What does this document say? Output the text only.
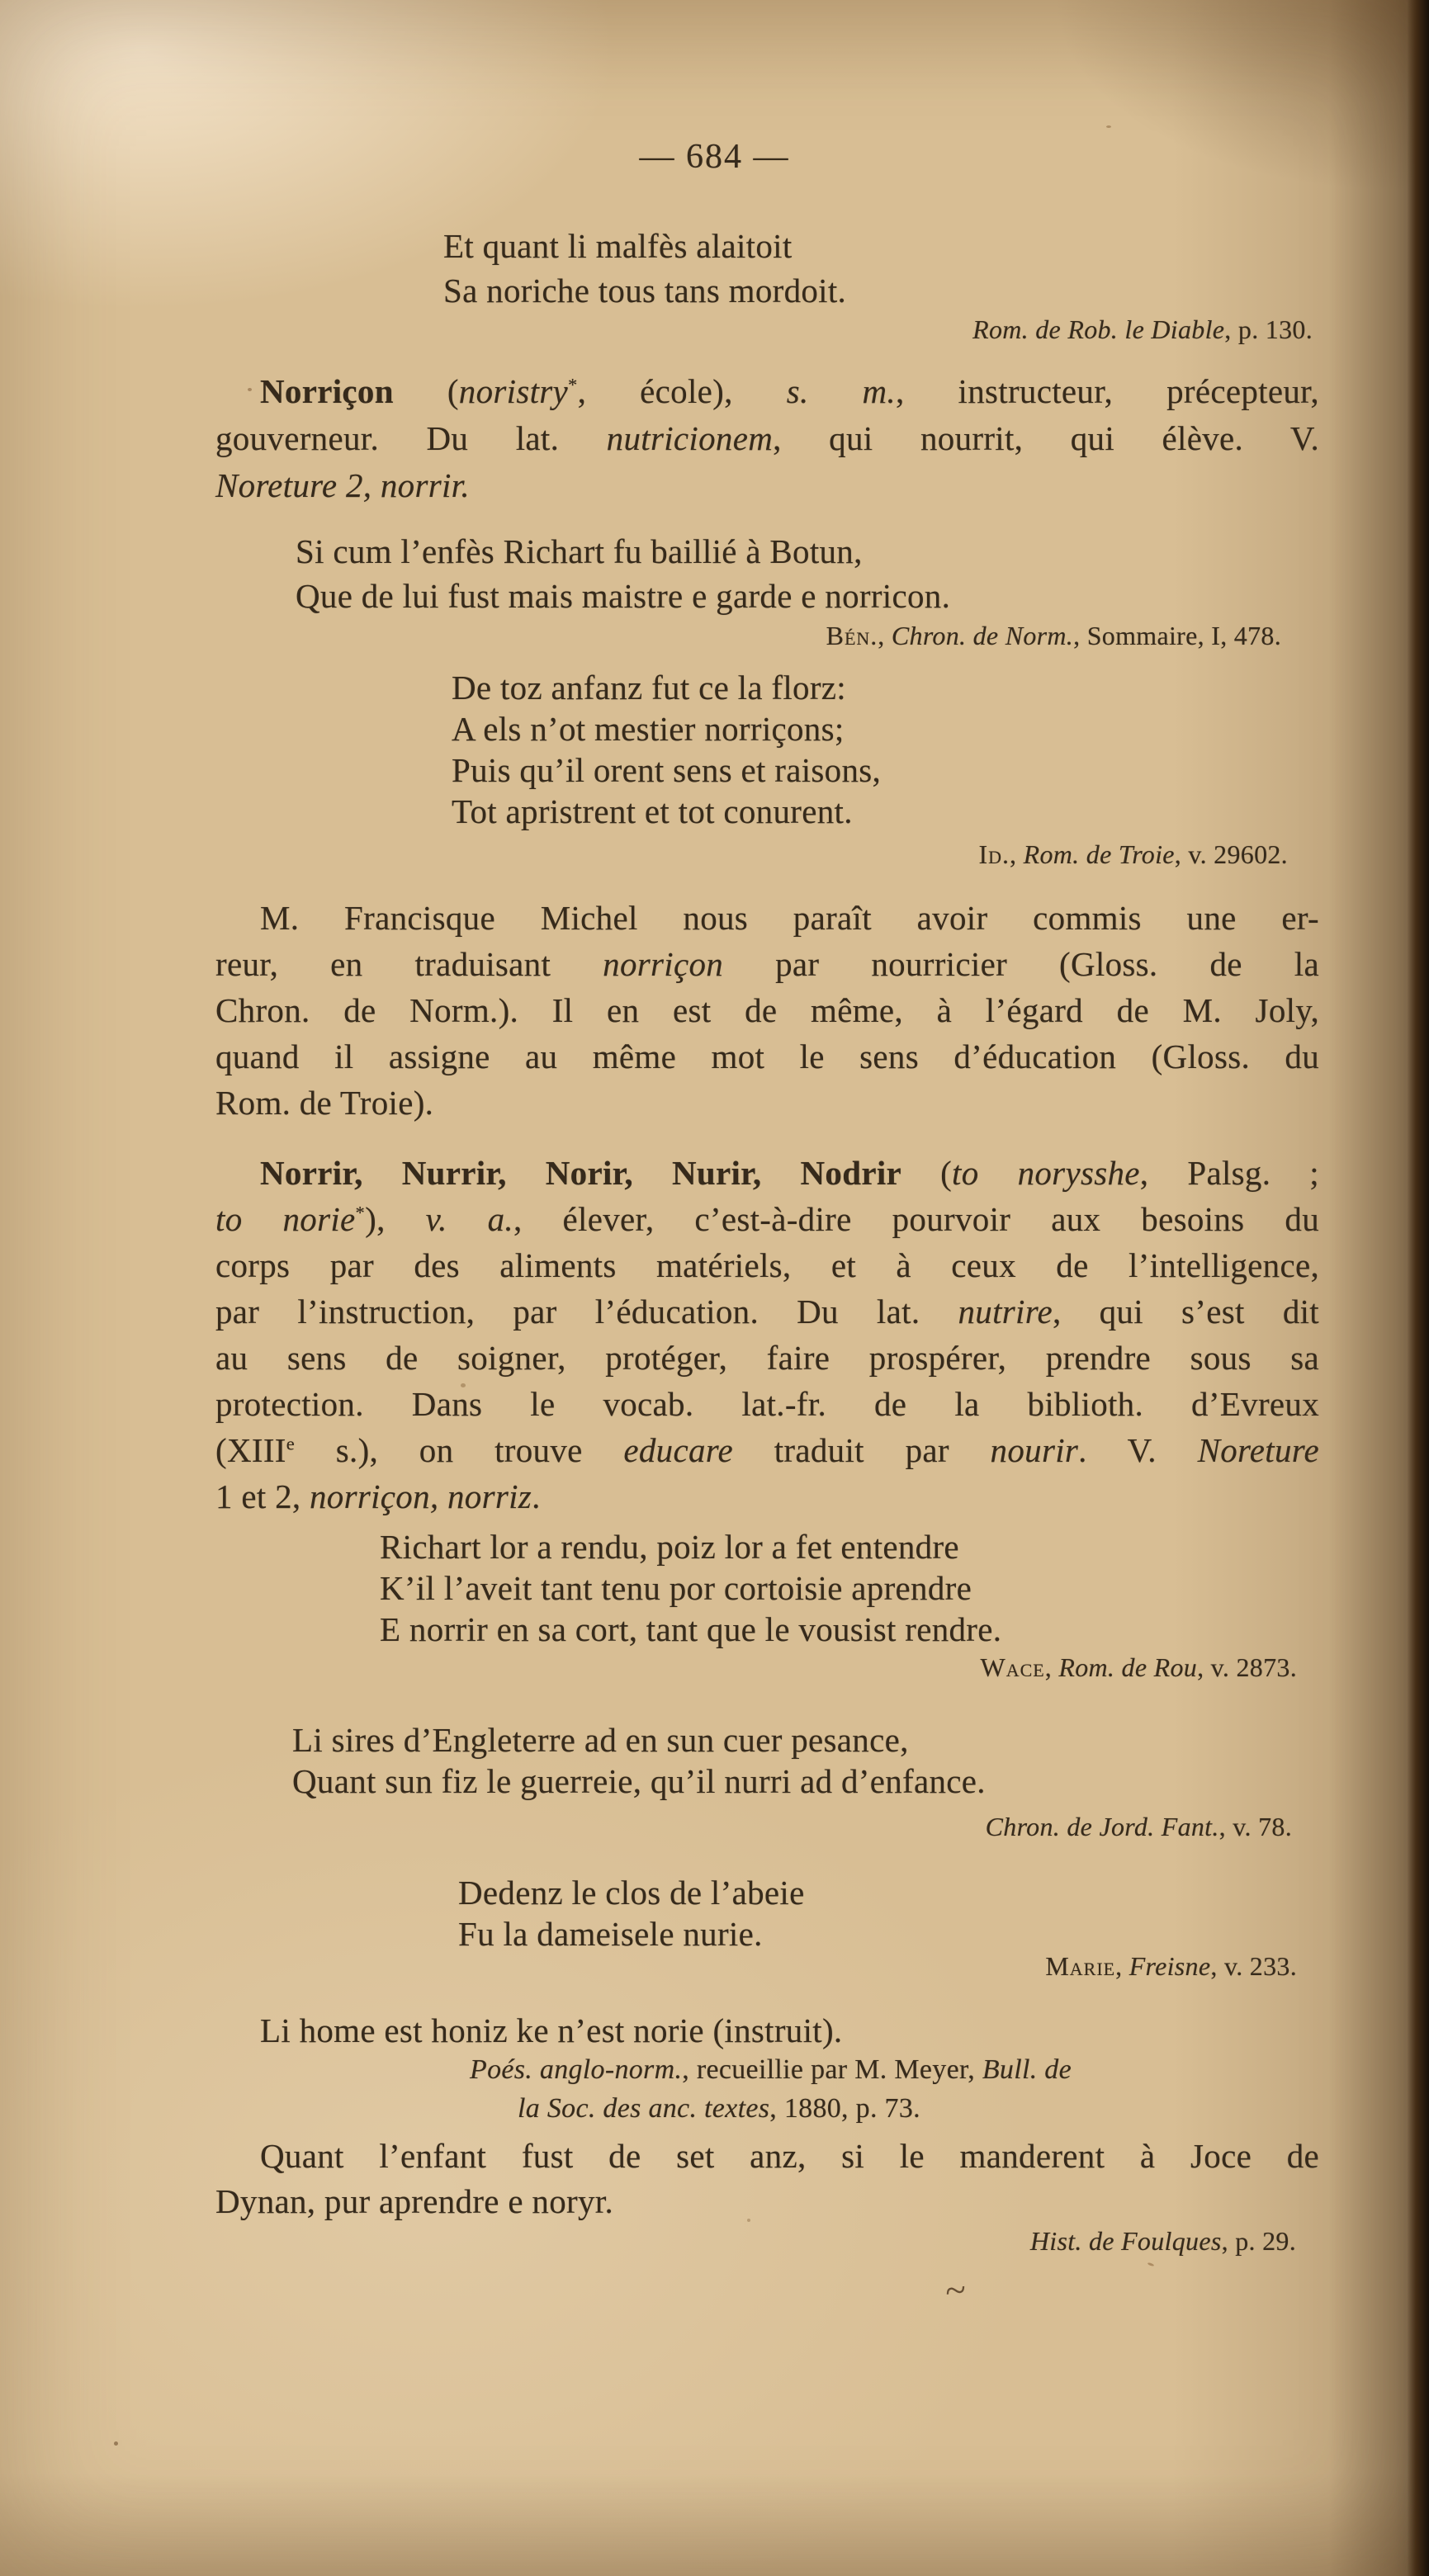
— 684 —
Et quant li malfès alaitoit
Sa noriche tous tans mordoit.
Rom. de Rob. le Diable, p. 130.
Norriçon (noristry*, école), s. m., instructeur, précepteur,
gouverneur. Du lat. nutricionem, qui nourrit, qui élève. V.
Noreture 2, norrir.
Si cum l’enfès Richart fu baillié à Botun,
Que de lui fust mais maistre e garde e norricon.
Bén., Chron. de Norm., Sommaire, I, 478.
De toz anfanz fut ce la florz:
A els n’ot mestier norriçons;
Puis qu’il orent sens et raisons,
Tot apristrent et tot conurent.
Id., Rom. de Troie, v. 29602.
M. Francisque Michel nous paraît avoir commis une er-
reur, en traduisant norriçon par nourricier (Gloss. de la
Chron. de Norm.). Il en est de même, à l’égard de M. Joly,
quand il assigne au même mot le sens d’éducation (Gloss. du
Rom. de Troie).
Norrir, Nurrir, Norir, Nurir, Nodrir (to norysshe, Palsg. ;
to norie*), v. a., élever, c’est-à-dire pourvoir aux besoins du
corps par des aliments matériels, et à ceux de l’intelligence,
par l’instruction, par l’éducation. Du lat. nutrire, qui s’est dit
au sens de soigner, protéger, faire prospérer, prendre sous sa
protection. Dans le vocab. lat.-fr. de la biblioth. d’Evreux
(XIIIe s.), on trouve educare traduit par nourir. V. Noreture
1 et 2, norriçon, norriz.
Richart lor a rendu, poiz lor a fet entendre
K’il l’aveit tant tenu por cortoisie aprendre
E norrir en sa cort, tant que le vousist rendre.
Wace, Rom. de Rou, v. 2873.
Li sires d’Engleterre ad en sun cuer pesance,
Quant sun fiz le guerreie, qu’il nurri ad d’enfance.
Chron. de Jord. Fant., v. 78.
Dedenz le clos de l’abeie
Fu la dameisele nurie.
Marie, Freisne, v. 233.
Li home est honiz ke n’est norie (instruit).
Poés. anglo-norm., recueillie par M. Meyer, Bull. de
la Soc. des anc. textes, 1880, p. 73.
Quant l’enfant fust de set anz, si le manderent à Joce de
Dynan, pur aprendre e noryr.
Hist. de Foulques, p. 29.
~
